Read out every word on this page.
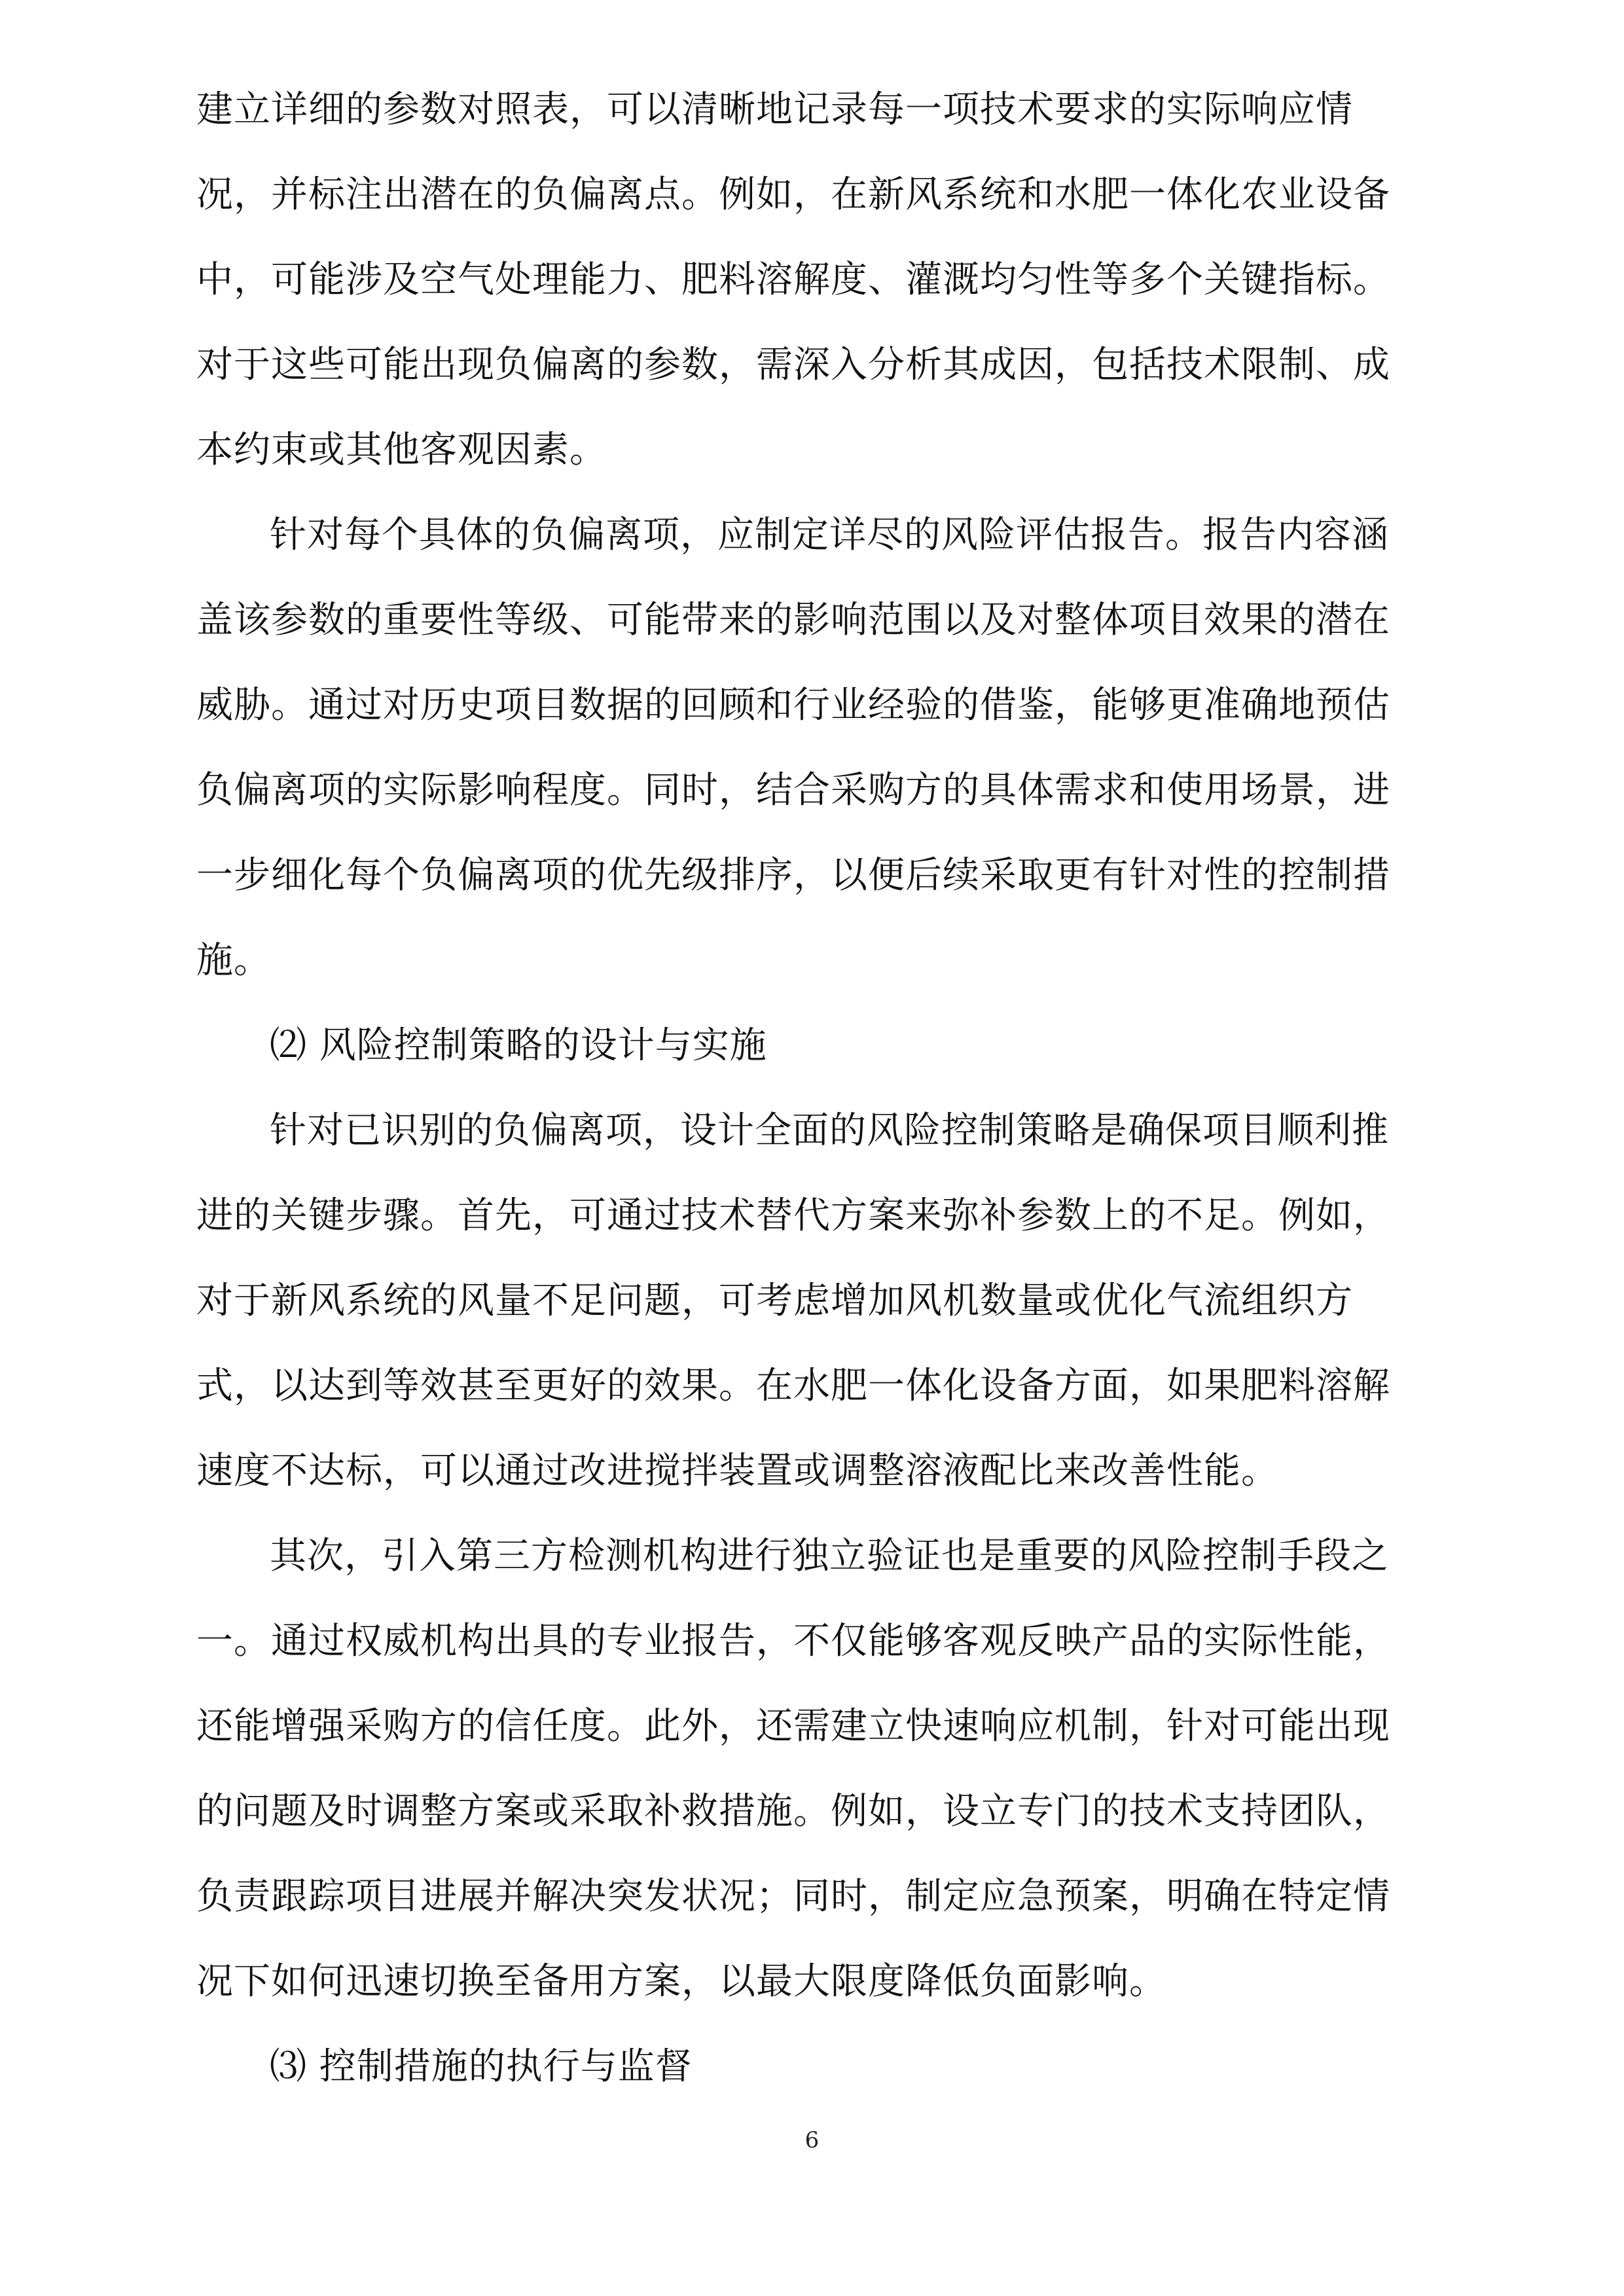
建立详细的参数对照表，可以清晰地记录每一项技术要求的实际响应情
况，并标注出潜在的负偏离点。例如，在新风系统和水肥一体化农业设备
中，可能涉及空气处理能力、肥料溶解度、灌溉均匀性等多个关键指标。
对于这些可能出现负偏离的参数，需深入分析其成因，包括技术限制、成
本约束或其他客观因素。
针对每个具体的负偏离项，应制定详尽的风险评估报告。报告内容涵
盖该参数的重要性等级、可能带来的影响范围以及对整体项目效果的潜在
威胁。通过对历史项目数据的回顾和行业经验的借鉴，能够更准确地预估
负偏离项的实际影响程度。同时，结合采购方的具体需求和使用场景，进
一步细化每个负偏离项的优先级排序，以便后续采取更有针对性的控制措
施。
⑵ 风险控制策略的设计与实施
针对已识别的负偏离项，设计全面的风险控制策略是确保项目顺利推
进的关键步骤。首先，可通过技术替代方案来弥补参数上的不足。例如，
对于新风系统的风量不足问题，可考虑增加风机数量或优化气流组织方
式，以达到等效甚至更好的效果。在水肥一体化设备方面，如果肥料溶解
速度不达标，可以通过改进搅拌装置或调整溶液配比来改善性能。
其次，引入第三方检测机构进行独立验证也是重要的风险控制手段之
一。通过权威机构出具的专业报告，不仅能够客观反映产品的实际性能，
还能增强采购方的信任度。此外，还需建立快速响应机制，针对可能出现
的问题及时调整方案或采取补救措施。例如，设立专门的技术支持团队，
负责跟踪项目进展并解决突发状况；同时，制定应急预案，明确在特定情
况下如何迅速切换至备用方案，以最大限度降低负面影响。
⑶ 控制措施的执行与监督
6
